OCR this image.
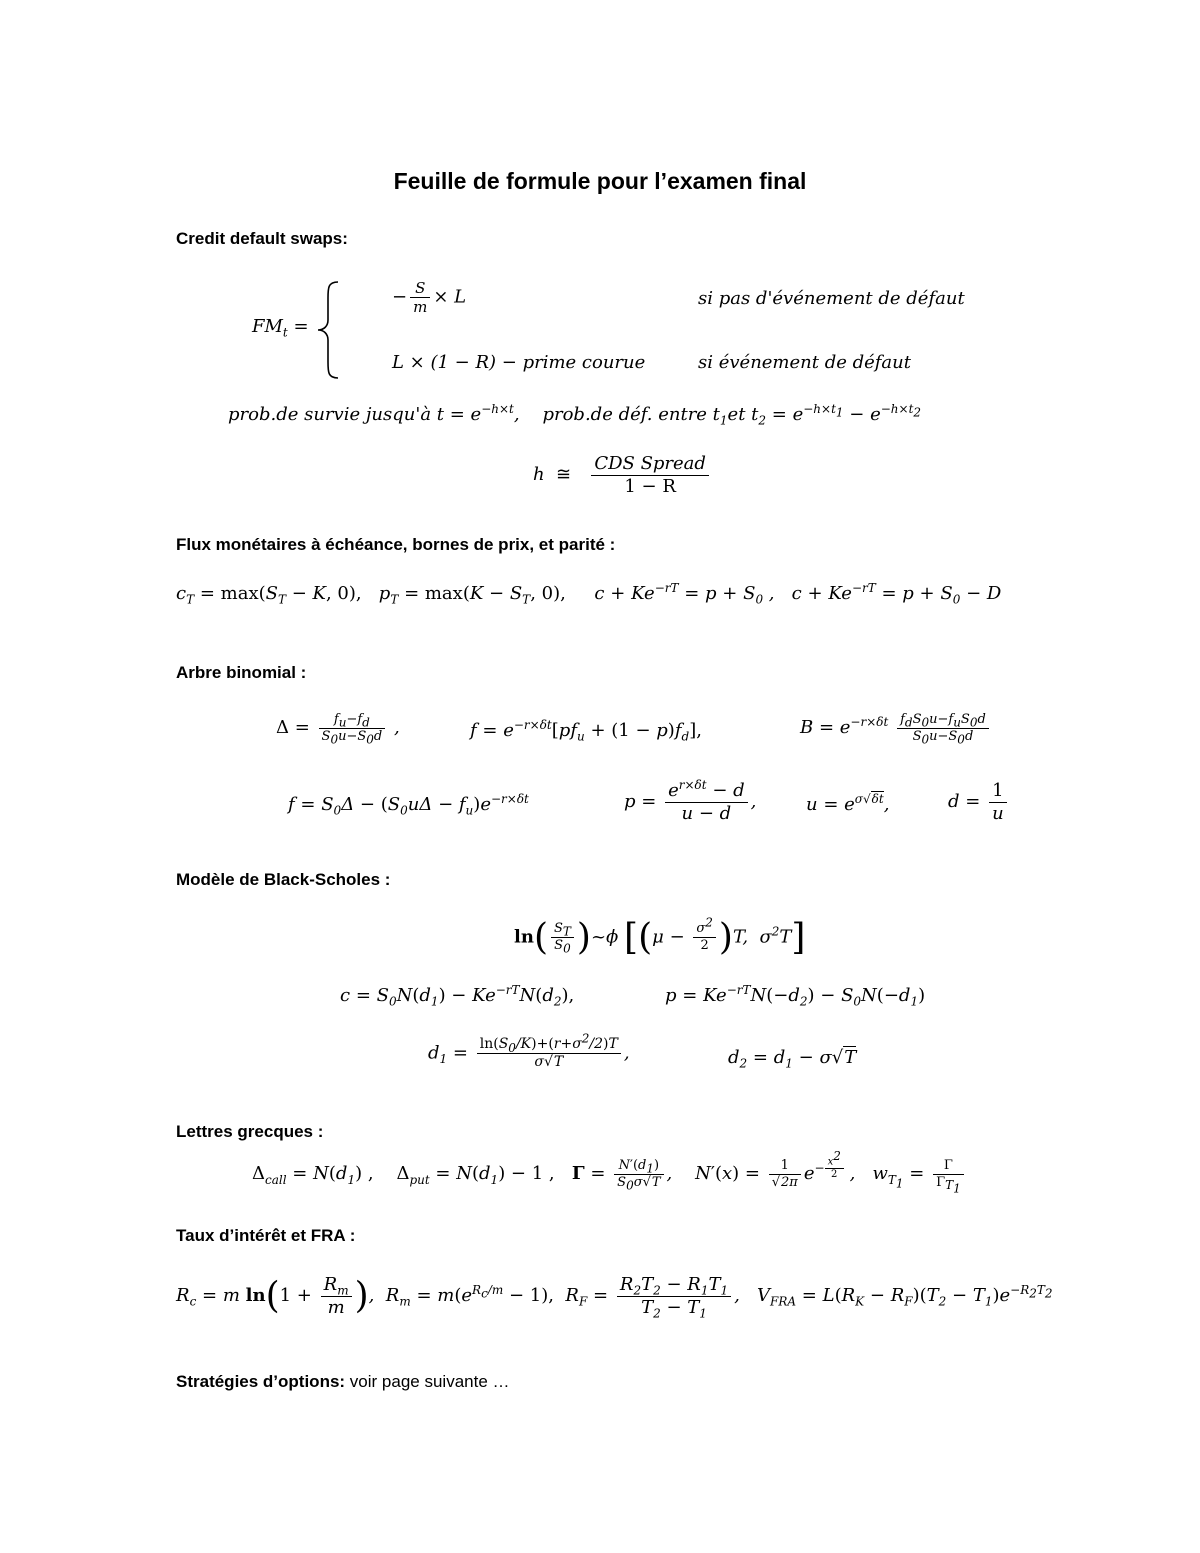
Feuille de formule pour l’examen final
Credit default swaps:
$FM_t$ =
− $\frac{S}{m} \times L$	si pas d'événement de défaut
L × (1 − R) − prime courue	si événement de défaut
prob.de survie jusqu'à $t = e^{-h\times t}$,    prob.de déf. entre $t_1et$ $t_2 = e^{-h\times t_1} - e^{-h\times t_2}$
h  ≅ $\frac{\text{CDS Spread}}{1 - R}$
Flux monétaires à échéance, bornes de prix, et parité :
$c_T = \max(S_T - K$, 0),   $p_T = \max(K - S_T$, 0),     $c + Ke^{-rT} = p + S_0$ ,   $c + Ke^{-rT} = p + S_0 - D$
Arbre binomial :
$\Delta = \frac{f_u-f_d}{S_0u-S_0d}$ ,	$f = e^{-r\times\delta t}[pf_u + (1 - p)f_d]$,	$B = e^{-r\times\delta t} \frac{f_dS_0u-f_uS_0d}{S_0u-S_0d}$
$f = S_0\Delta - (S_0u\Delta - f_u)e^{-r\times\delta t}$	$p = \frac{e^{r\times\delta t} - d}{u - d}$ ,	$u = e^{\sigma√\delta t}$,	$d = \frac{1}{u}$
Modèle de Black-Scholes :
$\ln( \frac{S_T}{S_0}$ )~ϕ [$(\mu - \frac{\sigma^2}{2} )T$,  $\sigma^2T$]
$c = S_0N(d_1) - Ke^{-rT}N(d_2)$,	$p = Ke^{-rT}N(-d_2) - S_0N(-d_1)$
$d_1 = \frac{\ln(S_0/K)+(r+\sigma^2/2)T}{\sigma√T}$ ,	$d_2 = d_1 - \sigma√T$
Lettres grecques :
$\Delta_{call} = N(d_1)$ , $\Delta_{put} = N(d_1) - 1$ , $\Gamma = \frac{N'(d_1)}{S_0\sigma√T}$ ,    $N'(x) = \frac{1}{√2\pi} e^{- \frac{x^2}{2}}$ ,   $w_{T_1} = \frac{\Gamma}{\Gamma_{T_1}}$
Taux d’intérêt et FRA :
$R_c = m$ $\ln(1 + \frac{R_m}{m}$ ),  $R_m = m(e^{R_c/m} - 1)$,  $R_F = \frac{R_2T_2 - R_1T_1}{T_2 - T_1}$ ,   $V_{FRA} = L(R_K - R_F)(T_2 - T_1)e^{-R_2T_2}$
Stratégies d’options: voir page suivante …
